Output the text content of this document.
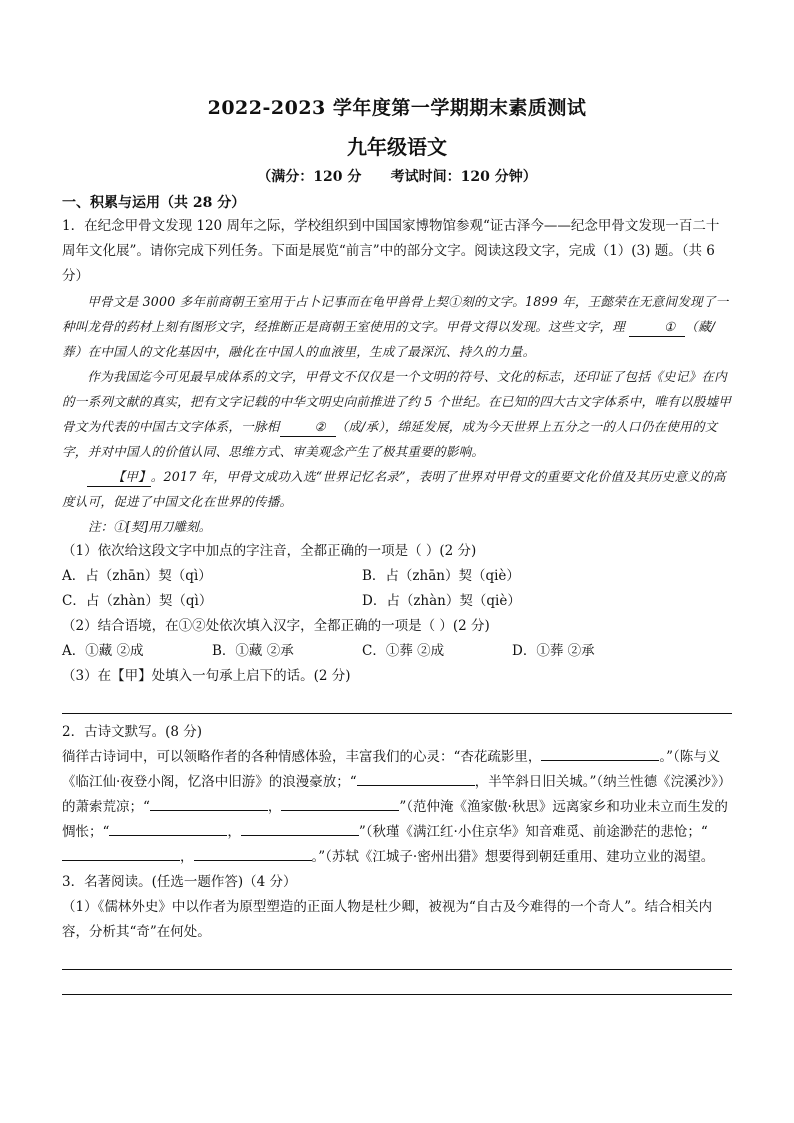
2022-2023 学年度第一学期期末素质测试
九年级语文
（满分：120 分      考试时间：120 分钟）
一、积累与运用（共 28 分）

1．在纪念甲骨文发现 120 周年之际，学校组织到中国国家博物馆参观“证古泽今——纪念甲骨文发现一百二十周年文化展”。请你完成下列任务。下面是展览“前言”中的部分文字。阅读这段文字，完成（1）(3) 题。（共 6分）

甲骨文是 3000 多年前商朝王室用于占卜记事而在龟甲兽骨上契①刻的文字。1899 年，王懿荣在无意间发现了一种叫龙骨的药材上刻有图形文字，经推断正是商朝王室使用的文字。甲骨文得以发现。这些文字，理	① （藏/葬）在中国人的文化基因中，融化在中国人的血液里，生成了最深沉、持久的力量。

作为我国迄今可见最早成体系的文字，甲骨文不仅仅是一个文明的符号、文化的标志，还印证了包括《史记》在内的一系列文献的真实，把有文字记载的中华文明史向前推进了约 5 个世纪。在已知的四大古文字体系中，唯有以殷墟甲骨文为代表的中国古文字体系，一脉相	② （成/承），绵延发展，成为今天世界上五分之一的人口仍在使用的文字，并对中国人的价值认同、思维方式、审美观念产生了极其重要的影响。

【甲】。2017 年，甲骨文成功入选“世界记忆名录”，表明了世界对甲骨文的重要文化价值及其历史意义的高度认可，促进了中国文化在世界的传播。

注：①[契]用刀雕刻。

（1）依次给这段文字中加点的字注音，全都正确的一项是（ ）(2 分)

A．占（zhān）契（qì）	B．占（zhān）契（qiè）
C．占（zhàn）契（qì）	D．占（zhàn）契（qiè）

（2）结合语境，在①②处依次填入汉字，全都正确的一项是（ ）(2 分)

A．①藏 ②成	B．①藏 ②承	C．①葬 ②成	D．①葬 ②承

（3）在【甲】处填入一句承上启下的话。(2 分)

2．古诗文默写。(8 分)

徜徉古诗词中，可以领略作者的各种情感体验，丰富我们的心灵：“杏花疏影里，	。”（陈与义《临江仙·夜登小阁，忆洛中旧游》的浪漫豪放；“	，半竿斜日旧关城。”（纳兰性德《浣溪沙》）的萧索荒凉；“	，	”（范仲淹《渔家傲·秋思》远离家乡和功业未立而生发的惆怅；“	，	”（秋瑾《满江红·小住京华》知音难觅、前途渺茫的悲怆；“，	。”（苏轼《江城子·密州出猎》想要得到朝廷重用、建功立业的渴望。

3．名著阅读。(任选一题作答)（4 分）

（1）《儒林外史》中以作者为原型塑造的正面人物是杜少卿，被视为“自古及今难得的一个奇人”。结合相关内容，分析其“奇”在何处。
